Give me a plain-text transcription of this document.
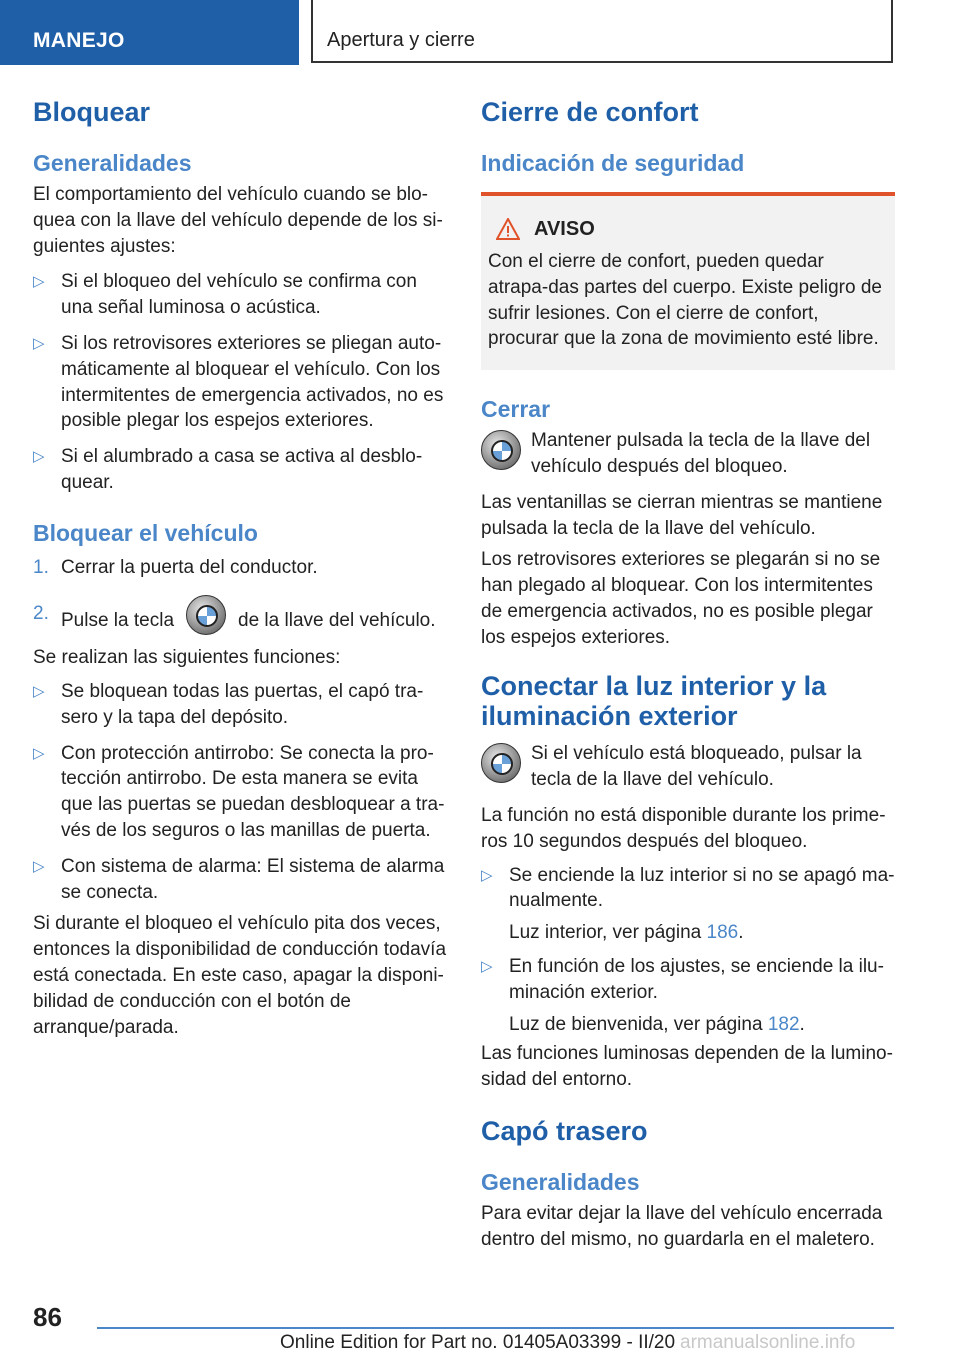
MANEJO	Apertura y cierre
Bloquear
Generalidades

El comportamiento del vehículo cuando se blo-quea con la llave del vehículo depende de los si-guientes ajustes:

▷ Si el bloqueo del vehículo se confirma con una señal luminosa o acústica.
▷ Si los retrovisores exteriores se pliegan auto-máticamente al bloquear el vehículo. Con los intermitentes de emergencia activados, no es posible plegar los espejos exteriores.
▷ Si el alumbrado a casa se activa al desblo-quear.
Bloquear el vehículo
1. Cerrar la puerta del conductor.
2. Pulse la tecla	de la llave del vehículo.

Se realizan las siguientes funciones:

▷ Se bloquean todas las puertas, el capó tra-sero y la tapa del depósito.
▷ Con protección antirrobo: Se conecta la pro-tección antirrobo. De esta manera se evita que las puertas se puedan desbloquear a tra-vés de los seguros o las manillas de puerta.
▷ Con sistema de alarma: El sistema de alarma se conecta.

Si durante el bloqueo el vehículo pita dos veces, entonces la disponibilidad de conducción todavía está conectada. En este caso, apagar la disponi-bilidad de conducción con el botón de arranque/parada.

Cierre de confort
Indicación de seguridad
AVISO

Con el cierre de confort, pueden quedar atrapa-das partes del cuerpo. Existe peligro de sufrir lesiones. Con el cierre de confort, procurar que la zona de movimiento esté libre.

Cerrar
Mantener pulsada la tecla de la llave del vehículo después del bloqueo.

Las ventanillas se cierran mientras se mantiene pulsada la tecla de la llave del vehículo.

Los retrovisores exteriores se plegarán si no se han plegado al bloquear. Con los intermitentes de emergencia activados, no es posible plegar los espejos exteriores.

Conectar la luz interior y la iluminación exterior
Si el vehículo está bloqueado, pulsar la tecla de la llave del vehículo.

La función no está disponible durante los prime-ros 10 segundos después del bloqueo.

▷ Se enciende la luz interior si no se apagó ma-nualmente.
Luz interior, ver página 186.
▷ En función de los ajustes, se enciende la ilu-minación exterior.
Luz de bienvenida, ver página 182.

Las funciones luminosas dependen de la lumino-sidad del entorno.

Capó trasero
Generalidades

Para evitar dejar la llave del vehículo encerrada dentro del mismo, no guardarla en el maletero.

86
Online Edition for Part no. 01405A03399 - II/20 armanualsonline.info
